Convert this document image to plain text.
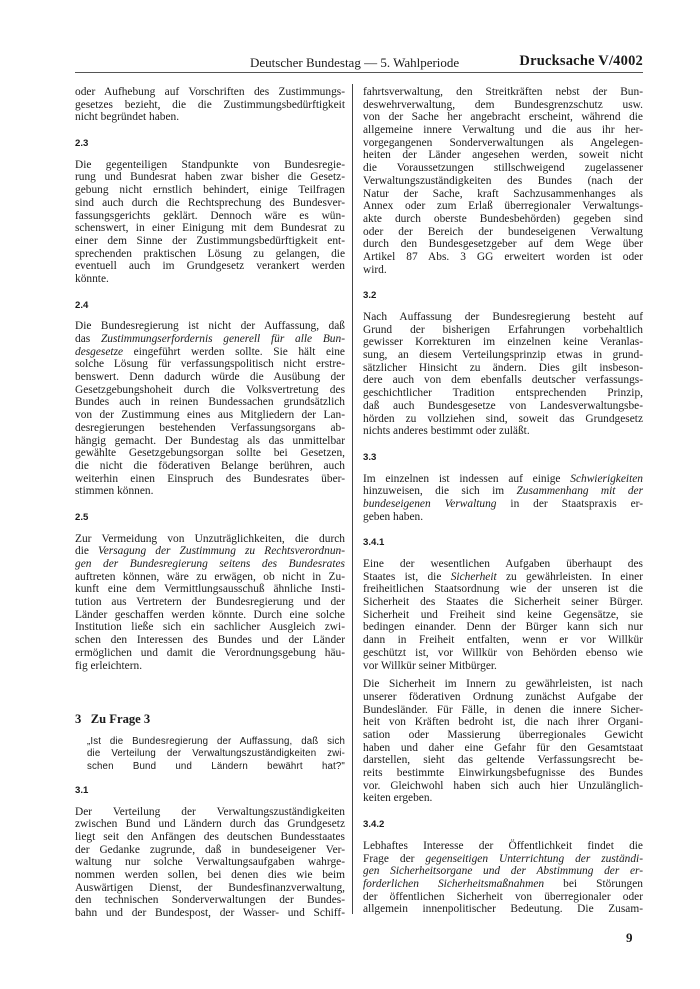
Deutscher Bundestag — 5. Wahlperiode	Drucksache V/4002
oder Aufhebung auf Vorschriften des Zustimmungs-
gesetzes bezieht, die die Zustimmungsbedürftigkeit
nicht begründet haben.
2.3
Die gegenteiligen Standpunkte von Bundesregie-
rung und Bundesrat haben zwar bisher die Gesetz-
gebung nicht ernstlich behindert, einige Teilfragen
sind auch durch die Rechtsprechung des Bundesver-
fassungsgerichts geklärt. Dennoch wäre es wün-
schenswert, in einer Einigung mit dem Bundesrat zu
einer dem Sinne der Zustimmungsbedürftigkeit ent-
sprechenden praktischen Lösung zu gelangen, die
eventuell auch im Grundgesetz verankert werden
könnte.
2.4
Die Bundesregierung ist nicht der Auffassung, daß
das Zustimmungserfordernis generell für alle Bun-
desgesetze eingeführt werden sollte. Sie hält eine
solche Lösung für verfassungspolitisch nicht erstre-
benswert. Denn dadurch würde die Ausübung der
Gesetzgebungshoheit durch die Volksvertretung des
Bundes auch in reinen Bundessachen grundsätzlich
von der Zustimmung eines aus Mitgliedern der Lan-
desregierungen bestehenden Verfassungsorgans ab-
hängig gemacht. Der Bundestag als das unmittelbar
gewählte Gesetzgebungsorgan sollte bei Gesetzen,
die nicht die föderativen Belange berühren, auch
weiterhin einen Einspruch des Bundesrates über-
stimmen können.
2.5
Zur Vermeidung von Unzuträglichkeiten, die durch
die Versagung der Zustimmung zu Rechtsverordnun-
gen der Bundesregierung seitens des Bundesrates
auftreten können, wäre zu erwägen, ob nicht in Zu-
kunft eine dem Vermittlungsausschuß ähnliche Insti-
tution aus Vertretern der Bundesregierung und der
Länder geschaffen werden könnte. Durch eine solche
Institution ließe sich ein sachlicher Ausgleich zwi-
schen den Interessen des Bundes und der Länder
ermöglichen und damit die Verordnungsgebung häu-
fig erleichtern.
3   Zu Frage 3
„Ist die Bundesregierung der Auffassung, daß sich
die Verteilung der Verwaltungszuständigkeiten zwi-
schen Bund und Ländern bewährt hat?"
3.1
Der Verteilung der Verwaltungszuständigkeiten
zwischen Bund und Ländern durch das Grundgesetz
liegt seit den Anfängen des deutschen Bundesstaates
der Gedanke zugrunde, daß in bundeseigener Ver-
waltung nur solche Verwaltungsaufgaben wahrge-
nommen werden sollen, bei denen dies wie beim
Auswärtigen Dienst, der Bundesfinanzverwaltung,
den technischen Sonderverwaltungen der Bundes-
bahn und der Bundespost, der Wasser- und Schiff-
fahrtsverwaltung, den Streitkräften nebst der Bun-
deswehrverwaltung, dem Bundesgrenzschutz usw.
von der Sache her angebracht erscheint, während die
allgemeine innere Verwaltung und die aus ihr her-
vorgegangenen Sonderverwaltungen als Angelegen-
heiten der Länder angesehen werden, soweit nicht
die Voraussetzungen stillschweigend zugelassener
Verwaltungszuständigkeiten des Bundes (nach der
Natur der Sache, kraft Sachzusammenhanges als
Annex oder zum Erlaß überregionaler Verwaltungs-
akte durch oberste Bundesbehörden) gegeben sind
oder der Bereich der bundeseigenen Verwaltung
durch den Bundesgesetzgeber auf dem Wege über
Artikel 87 Abs. 3 GG erweitert worden ist oder
wird.
3.2
Nach Auffassung der Bundesregierung besteht auf
Grund der bisherigen Erfahrungen vorbehaltlich
gewisser Korrekturen im einzelnen keine Veranlas-
sung, an diesem Verteilungsprinzip etwas in grund-
sätzlicher Hinsicht zu ändern. Dies gilt insbeson-
dere auch von dem ebenfalls deutscher verfassungs-
geschichtlicher Tradition entsprechenden Prinzip,
daß auch Bundesgesetze von Landesverwaltungsbe-
hörden zu vollziehen sind, soweit das Grundgesetz
nichts anderes bestimmt oder zuläßt.
3.3
Im einzelnen ist indessen auf einige Schwierigkeiten
hinzuweisen, die sich im Zusammenhang mit der
bundeseigenen Verwaltung in der Staatspraxis er-
geben haben.
3.4.1
Eine der wesentlichen Aufgaben überhaupt des
Staates ist, die Sicherheit zu gewährleisten. In einer
freiheitlichen Staatsordnung wie der unseren ist die
Sicherheit des Staates die Sicherheit seiner Bürger.
Sicherheit und Freiheit sind keine Gegensätze, sie
bedingen einander. Denn der Bürger kann sich nur
dann in Freiheit entfalten, wenn er vor Willkür
geschützt ist, vor Willkür von Behörden ebenso wie
vor Willkür seiner Mitbürger.
Die Sicherheit im Innern zu gewährleisten, ist nach
unserer föderativen Ordnung zunächst Aufgabe der
Bundesländer. Für Fälle, in denen die innere Sicher-
heit von Kräften bedroht ist, die nach ihrer Organi-
sation oder Massierung überregionales Gewicht
haben und daher eine Gefahr für den Gesamtstaat
darstellen, sieht das geltende Verfassungsrecht be-
reits bestimmte Einwirkungsbefugnisse des Bundes
vor. Gleichwohl haben sich auch hier Unzulänglich-
keiten ergeben.
3.4.2
Lebhaftes Interesse der Öffentlichkeit findet die
Frage der gegenseitigen Unterrichtung der zuständi-
gen Sicherheitsorgane und der Abstimmung der er-
forderlichen Sicherheitsmaßnahmen bei Störungen
der öffentlichen Sicherheit von überregionaler oder
allgemein innenpolitischer Bedeutung. Die Zusam-
9
